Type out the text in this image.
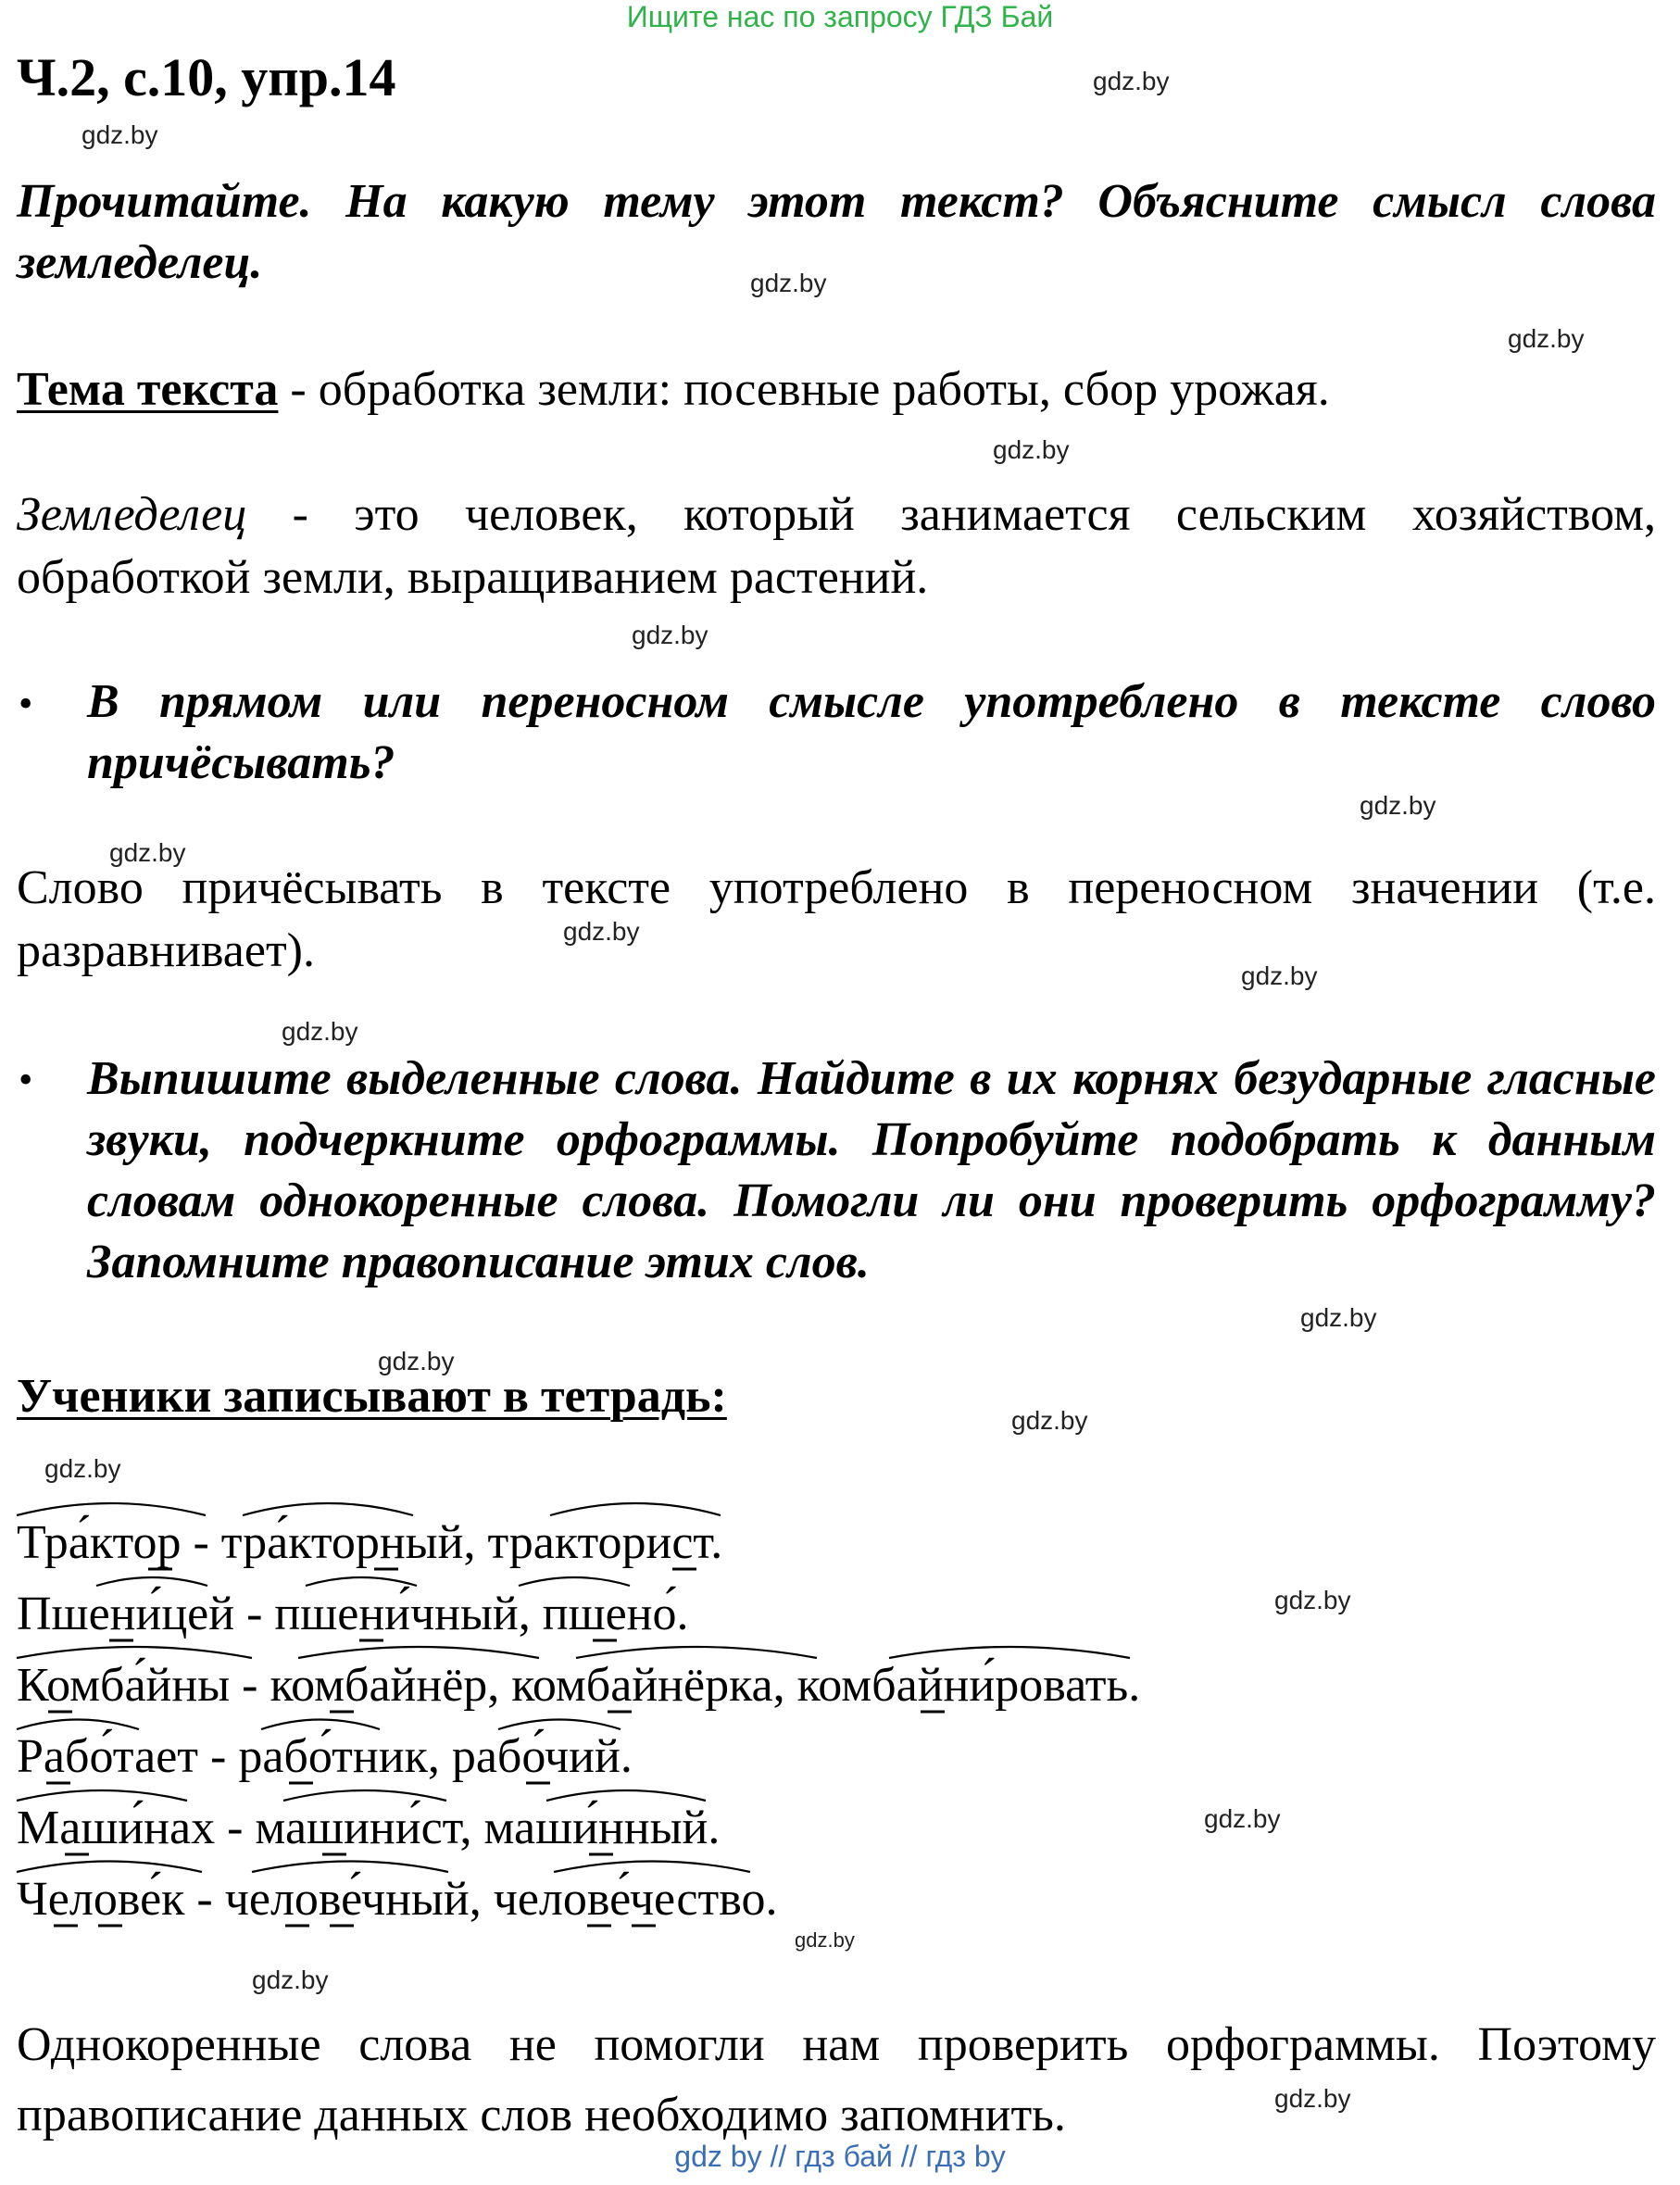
Ищите нас по запросу ГДЗ Бай
Ч.2, с.10, упр.14
Прочитайте. На какую тему этот текст? Объясните смысл слова земледелец.
Тема текста - обработка земли: посевные работы, сбор урожая.
Земледелец - это человек, который занимается сельским хозяйством, обработкой земли, выращиванием растений.
• В прямом или переносном смысле употреблено в тексте слово причёсывать?
Слово причёсывать в тексте употреблено в переносном значении (т.е. разравнивает).
• Выпишите выделенные слова. Найдите в их корнях безударные гласные звуки, подчеркните орфограммы. Попробуйте подобрать к данным словам однокоренные слова. Помогли ли они проверить орфограмму? Запомните правописание этих слов.
Ученики записывают в тетрадь:
Тра́ктор - тра́кторный, тракторист.
Пшени́цей - пшени́чный, пшено́.
Комба́йны - комбайнёр, комбайнёрка, комбайни́ровать.
Рабо́тает - рабо́тник, рабо́чий.
Маши́нах - машини́ст, маши́нный.
Челове́к - челове́чный, челове́чество.
Однокоренные слова не помогли нам проверить орфограммы. Поэтому правописание данных слов необходимо запомнить.
gdz.by
gdz.by
gdz.by
gdz.by
gdz.by
gdz.by
gdz.by
gdz.by
gdz.by
gdz.by
gdz.by
gdz.by
gdz.by
gdz.by
gdz.by
gdz.by
gdz.by
gdz.by
gdz.by
gdz.by
gdz by // гдз бай // гдз by
